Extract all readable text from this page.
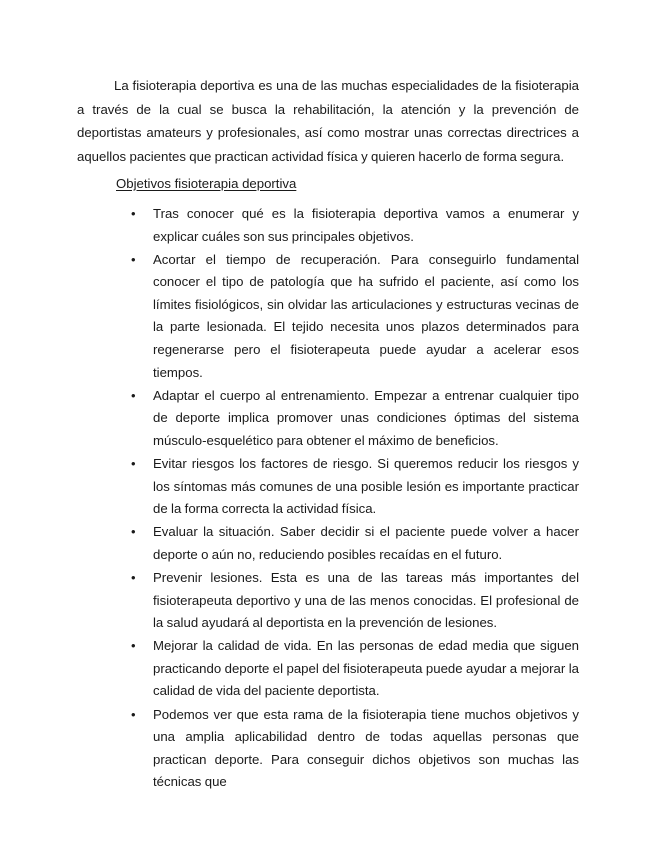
La fisioterapia deportiva es una de las muchas especialidades de la fisioterapia a través de la cual se busca la rehabilitación, la atención y la prevención de deportistas amateurs y profesionales, así como mostrar unas correctas directrices a aquellos pacientes que practican actividad física y quieren hacerlo de forma segura.

Objetivos fisioterapia deportiva

• Tras conocer qué es la fisioterapia deportiva vamos a enumerar y explicar cuáles son sus principales objetivos.
• Acortar el tiempo de recuperación. Para conseguirlo fundamental conocer el tipo de patología que ha sufrido el paciente, así como los límites fisiológicos, sin olvidar las articulaciones y estructuras vecinas de la parte lesionada. El tejido necesita unos plazos determinados para regenerarse pero el fisioterapeuta puede ayudar a acelerar esos tiempos.
• Adaptar el cuerpo al entrenamiento. Empezar a entrenar cualquier tipo de deporte implica promover unas condiciones óptimas del sistema músculo-esquelético para obtener el máximo de beneficios.
• Evitar riesgos los factores de riesgo. Si queremos reducir los riesgos y los síntomas más comunes de una posible lesión es importante practicar de la forma correcta la actividad física.
• Evaluar la situación. Saber decidir si el paciente puede volver a hacer deporte o aún no, reduciendo posibles recaídas en el futuro.
• Prevenir lesiones. Esta es una de las tareas más importantes del fisioterapeuta deportivo y una de las menos conocidas. El profesional de la salud ayudará al deportista en la prevención de lesiones.
• Mejorar la calidad de vida. En las personas de edad media que siguen practicando deporte el papel del fisioterapeuta puede ayudar a mejorar la calidad de vida del paciente deportista.
• Podemos ver que esta rama de la fisioterapia tiene muchos objetivos y una amplia aplicabilidad dentro de todas aquellas personas que practican deporte. Para conseguir dichos objetivos son muchas las técnicas que
